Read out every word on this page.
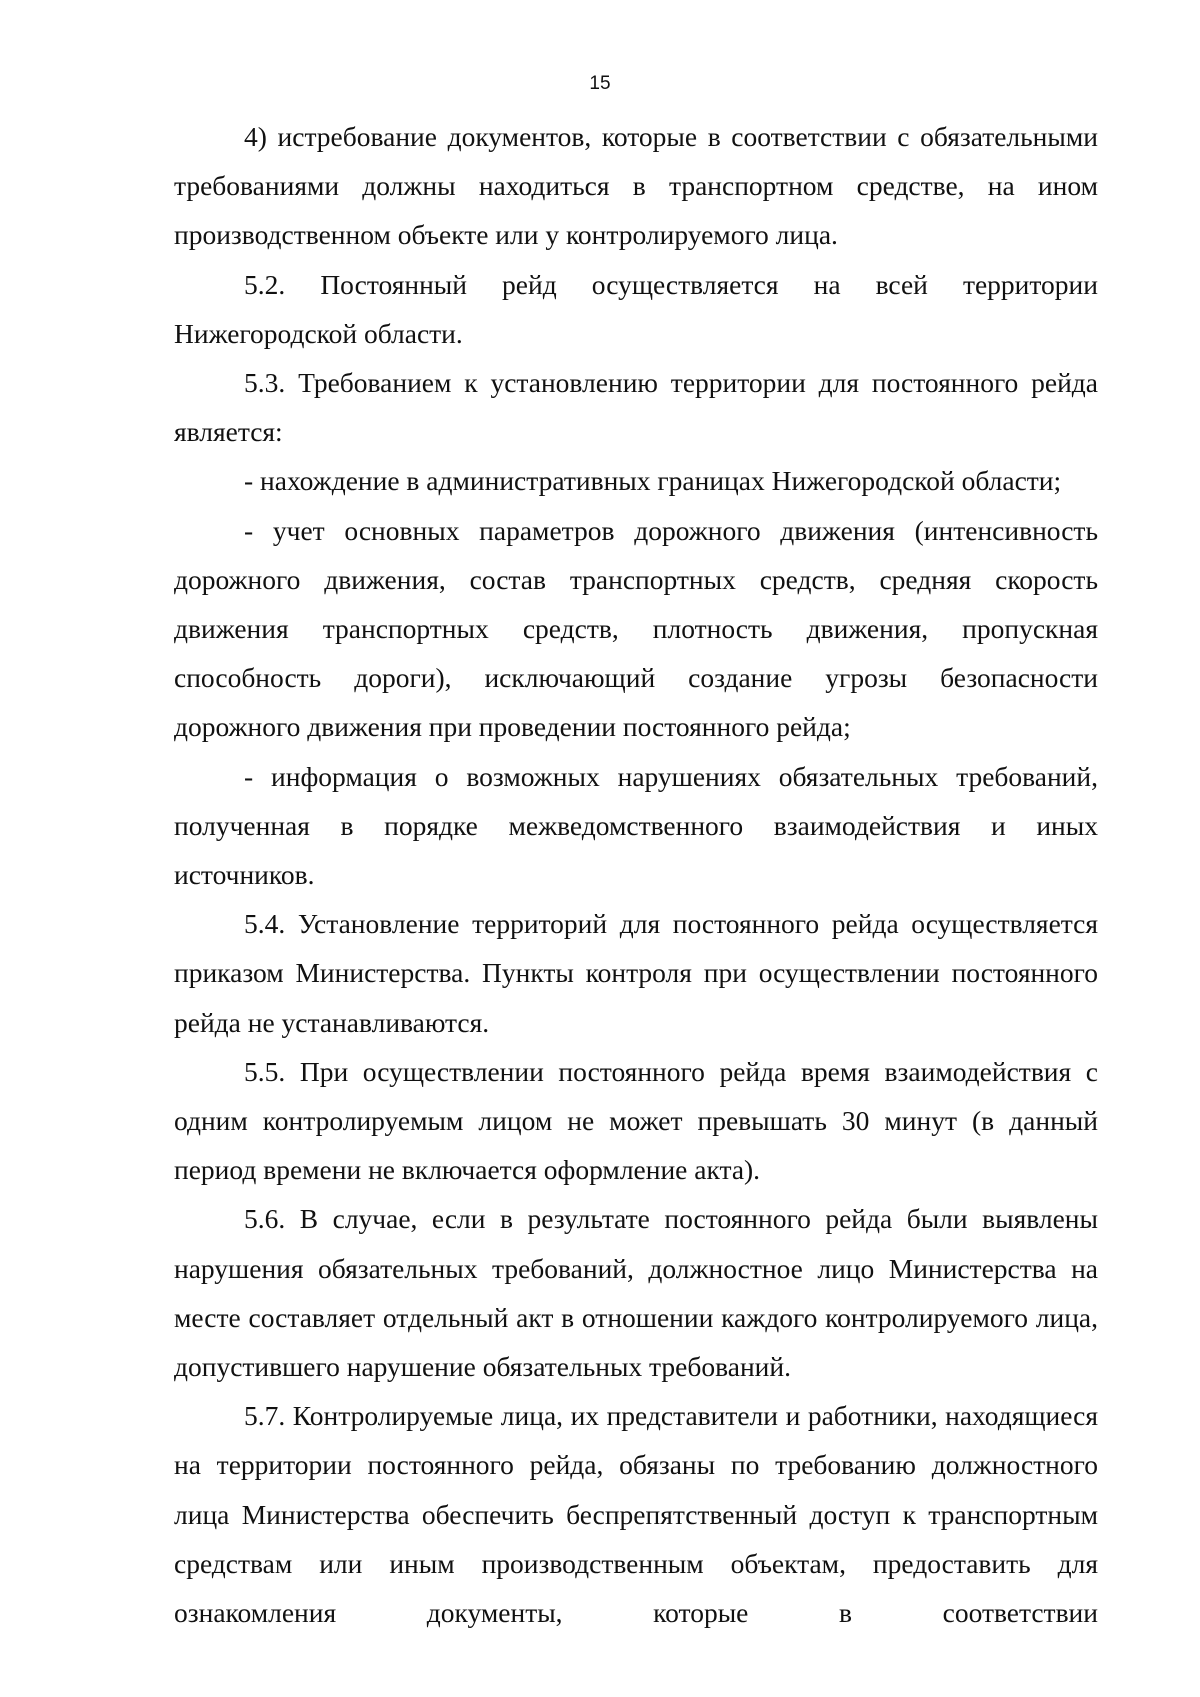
15

4) истребование документов, которые в соответствии с обязательными требованиями должны находиться в транспортном средстве, на ином производственном объекте или у контролируемого лица.

5.2. Постоянный рейд осуществляется на всей территории Нижегородской области.

5.3. Требованием к установлению территории для постоянного рейда является:

- нахождение в административных границах Нижегородской области;

- учет основных параметров дорожного движения (интенсивность дорожного движения, состав транспортных средств, средняя скорость движения транспортных средств, плотность движения, пропускная способность дороги), исключающий создание угрозы безопасности дорожного движения при проведении постоянного рейда;

- информация о возможных нарушениях обязательных требований, полученная в порядке межведомственного взаимодействия и иных источников.

5.4. Установление территорий для постоянного рейда осуществляется приказом Министерства. Пункты контроля при осуществлении постоянного рейда не устанавливаются.

5.5. При осуществлении постоянного рейда время взаимодействия с одним контролируемым лицом не может превышать 30 минут (в данный период времени не включается оформление акта).

5.6. В случае, если в результате постоянного рейда были выявлены нарушения обязательных требований, должностное лицо Министерства на месте составляет отдельный акт в отношении каждого контролируемого лица, допустившего нарушение обязательных требований.

5.7. Контролируемые лица, их представители и работники, находящиеся на территории постоянного рейда, обязаны по требованию должностного лица Министерства обеспечить беспрепятственный доступ к транспортным средствам или иным производственным объектам, предоставить для ознакомления документы, которые в соответствии
